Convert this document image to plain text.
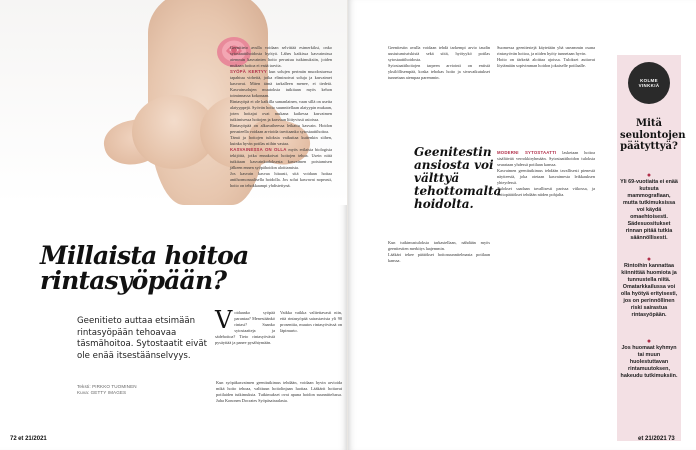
Millaista hoitoa
rintasyöpään?

Geenitieto auttaa etsimään rintasyöpään tehoavaa täsmähoitoa. Sytostaatit eivät ole enää itsestäänselvyys.

Teksti: PIRKKO TUOMINEN
Kuva: GETTY IMAGES
V oidaanko syöpää parantaa? Menestäänkö rintasi? Saanko sytostaatteja ja sädehoitoa? Tieto rintasyövästä pysäyttää ja panee pysähtymään.

Vaikka vaikka valitettavasti niin, että rintasyöpää sairastavista yli 90 prosenttia, muutos rintasyövässä on läpimurto.

Kun syöpäkasvaimen geenitutkimus tehdään, voidaan hyvin arvioida mikä hoito tehoaa, valittuun hoitolinjaan luottaa. Lääkärit hoitavat potilaiden tutkimuksia. Tutkimukset ovat apuna hoidon suunnittelussa. Juha Kononen Docrates Syöpäsairaalasta.

Geenitieto avulla voidaan selvittää esimerkiksi, onko sytostaattihoidosta hyötyä. Lähes kaikissa kasvaimissa aiemmin kasvainten hoito perustuu tutkimuksiin, joiden mukaan hoitoa ei enää tarvita.

SYÖPÄ KERTYY kun solujen perimän muodostuessa tapahtuu virheitä, jotka eliminoivat soluja ja kasvaimet kasvavat. Miten tämä tarkalleen menee, ei tiedetä. Kasvainsolujen muutoksia tutkitaan myös kehon toiminnassa kokonaan.

Rintasyöpä ei ole kaikilla samanlainen, vaan sillä on useita alatyyppejä. Syövän hoito suunnitellaan alatyypin mukaan, joten hoitajat ovat mukana kaikessa kasvaimen tutkimisessa hoitojen ja kasvuun liittyvissä asioissa.

Rintasyöpää on alkuvaiheessa leikattu kasvain. Hoidon perusteella voidaan arvioida tarvitaanko sytostaattihoitoa.

Tämä ja hoitojen tuloksia vaikuttaa kuitenkin siihen, kuinka hyvin potilas niihin vastaa.

KASVAINESSA ON OLLA myös erilaisia biologisia tekijöitä, jotka ennakoivat hoitojen tehoa. Usein niitä tutkitaan kasvainkudoksesta kasvaimen poistamisen jälkeen ennen syöpähoidon aloittamista.

Jos kasvain kasvaa hitaasti, sitä voidaan hoitaa antihormonaalisella hoidolla. Jos solut kasvavat nopeasti, hoito on tehokkaampi yhdistettynä.

72 et 21/2021

Geenitestin avulla voidaan tehdä tarkempi arvio taudin uusiutumisriskistä sekä siitä, hyötyykö potilas sytostaattihoidosta.

Sytostaattihoitojen tarpeen arviointi on entistä yksilöllisempää, koska tehokas hoito ja sivuvaikutukset tunnetaan aiempaa paremmin.

Geenitestin
ansiosta voi
välttyä
tehottomalta
hoidolta.

Kun tutkimustuloksia tarkastellaan, nähdään myös geenitestien merkitys laajemmin.

Lääkäri tekee päätökset hoitosuunnitelmasta potilaan kanssa.

Suomessa geenitestejä käytetään yhä useammin osana rintasyövän hoitoa, ja niiden hyöty tunnetaan hyvin.

Hoito on tärkeää aloittaa ajoissa. Tulokset auttavat löytämään sopivimman hoidon jokaiselle potilaalle.

MODERNI SYTOSTAATTI lasketaan hoitoa sisältävää verrokkiryhmään. Sytostaattihoidon tuloksia seurataan yhdessä potilaan kanssa.

Kasvaimen geenitutkimus tehdään tavallisesti pienestä näytteestä, joka otetaan kasvaimesta leikkauksen yhteydessä.

Tulokset saadaan tavallisesti parissa viikossa, ja hoitopäätökset tehdään niiden pohjalta.

KOLME VINKKIÄ
Mitä seulontojen päätyttyä?

●
Yli 69-vuotiaita ei enää kutsuta mammografiaan, mutta tutkimuksissa voi käydä omaehtoisesti. Sädesuositukset rinnan pitää tutkia säännöllisesti.

●
Rintoihin kannattaa kiinnittää huomiota ja tunnustella niitä. Omatarkkailussa voi olla hyötyä erityisesti, jos on perinnöllinen riski sairastua rintasyöpään.

●
Jos huomaat kyhmyn tai muun huolestuttavan rintamuutoksen, hakeudu tutkimuksiin.

et 21/2021 73
